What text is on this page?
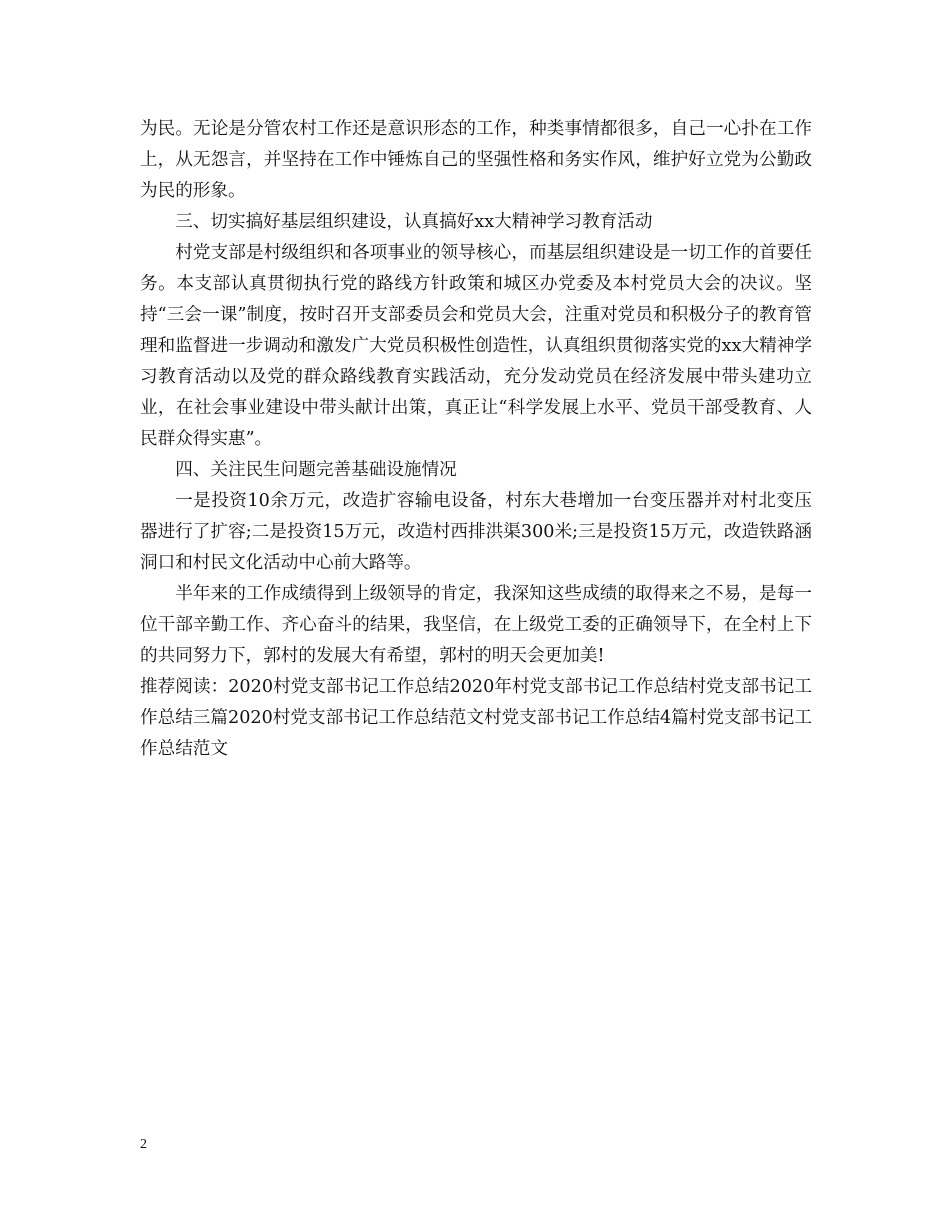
为民。无论是分管农村工作还是意识形态的工作，种类事情都很多，自己一心扑在工作上，从无怨言，并坚持在工作中锤炼自己的坚强性格和务实作风，维护好立党为公勤政为民的形象。

三、切实搞好基层组织建设，认真搞好xx大精神学习教育活动

村党支部是村级组织和各项事业的领导核心，而基层组织建设是一切工作的首要任务。本支部认真贯彻执行党的路线方针政策和城区办党委及本村党员大会的决议。坚持“三会一课”制度，按时召开支部委员会和党员大会，注重对党员和积极分子的教育管理和监督进一步调动和激发广大党员积极性创造性，认真组织贯彻落实党的xx大精神学习教育活动以及党的群众路线教育实践活动，充分发动党员在经济发展中带头建功立业，在社会事业建设中带头献计出策，真正让“科学发展上水平、党员干部受教育、人民群众得实惠”。

四、关注民生问题完善基础设施情况

一是投资10余万元，改造扩容输电设备，村东大巷增加一台变压器并对村北变压器进行了扩容;二是投资15万元，改造村西排洪渠300米;三是投资15万元，改造铁路涵洞口和村民文化活动中心前大路等。

半年来的工作成绩得到上级领导的肯定，我深知这些成绩的取得来之不易，是每一位干部辛勤工作、齐心奋斗的结果，我坚信，在上级党工委的正确领导下，在全村上下的共同努力下，郭村的发展大有希望，郭村的明天会更加美!

推荐阅读：2020村党支部书记工作总结2020年村党支部书记工作总结村党支部书记工作总结三篇2020村党支部书记工作总结范文村党支部书记工作总结4篇村党支部书记工作总结范文

2
